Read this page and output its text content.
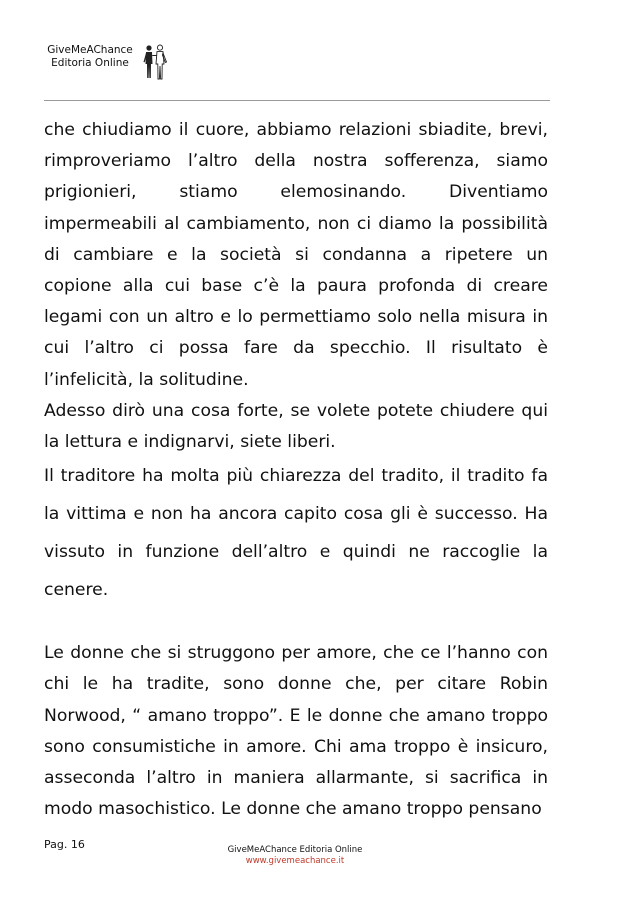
GiveMeAChance
Editoria Online

che chiudiamo il cuore, abbiamo relazioni sbiadite, brevi, rimproveriamo l’altro della nostra sofferenza, siamo prigionieri, stiamo elemosinando. Diventiamo impermeabili al cambiamento, non ci diamo la possibilità di cambiare e la società si condanna a ripetere un copione alla cui base c’è la paura profonda di creare legami con un altro e lo permettiamo solo nella misura in cui l’altro ci possa fare da specchio. Il risultato è l’infelicità, la solitudine.

Adesso dirò una cosa forte, se volete potete chiudere qui la lettura e indignarvi, siete liberi.

Il traditore ha molta più chiarezza del tradito, il tradito fa la vittima e non ha ancora capito cosa gli è successo. Ha vissuto in funzione dell’altro e quindi ne raccoglie la cenere.

Le donne che si struggono per amore, che ce l’hanno con chi le ha tradite, sono donne che, per citare Robin Norwood, “ amano troppo”. E le donne che amano troppo sono consumistiche in amore. Chi ama troppo è insicuro, asseconda l’altro in maniera allarmante, si sacrifica in modo masochistico. Le donne che amano troppo pensano

Pag. 16	GiveMeAChance Editoria Online
www.givemeachance.it
